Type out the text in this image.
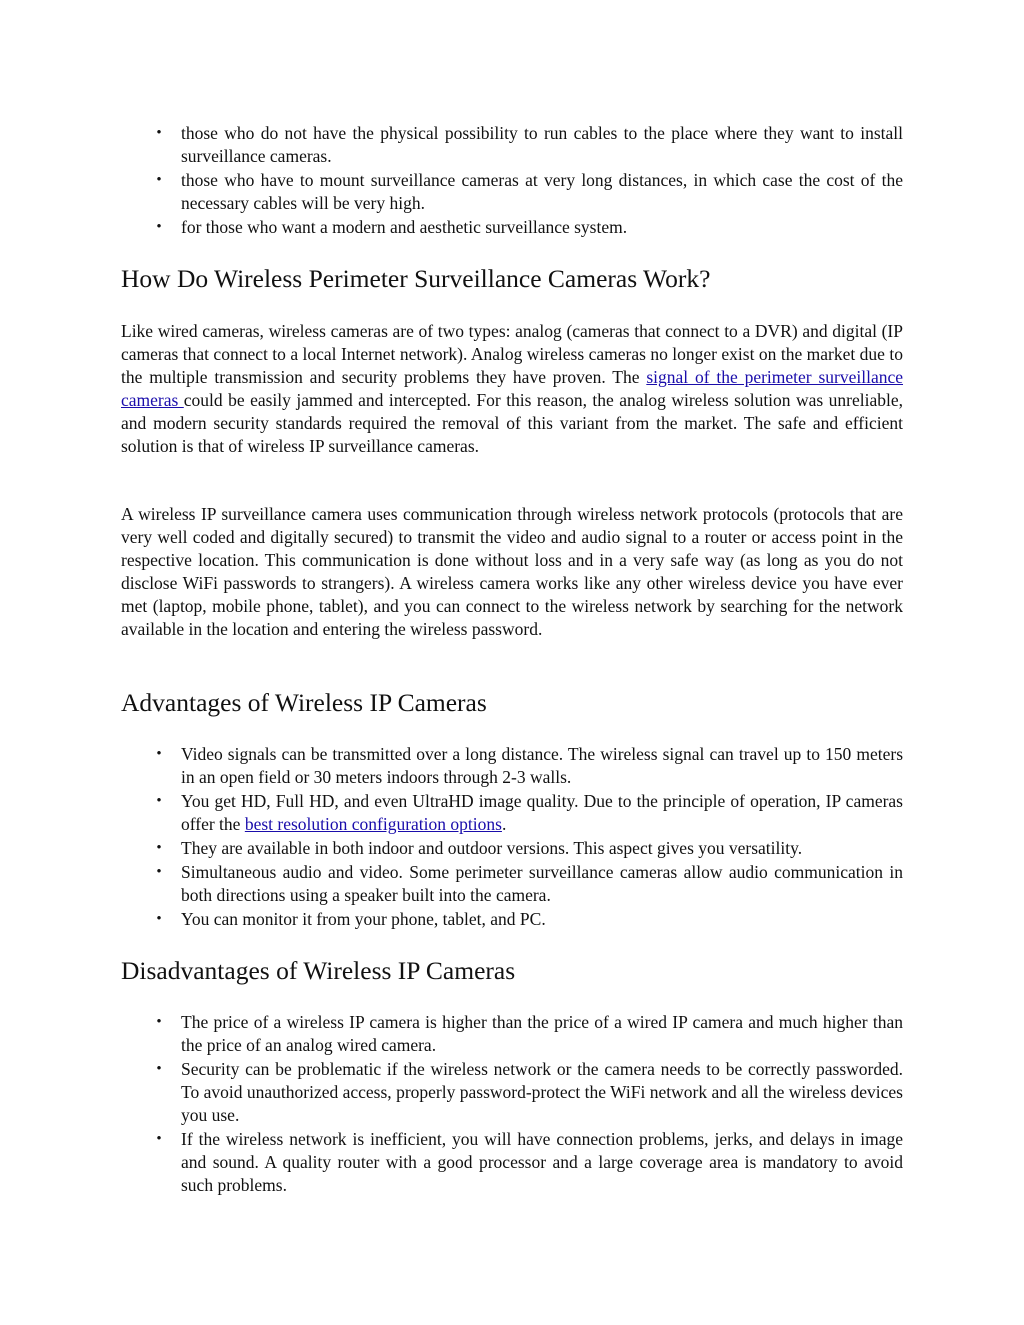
•	those who do not have the physical possibility to run cables to the place where they want to install surveillance cameras.
•	those who have to mount surveillance cameras at very long distances, in which case the cost of the necessary cables will be very high.
•	for those who want a modern and aesthetic surveillance system.
How Do Wireless Perimeter Surveillance Cameras Work?

Like wired cameras, wireless cameras are of two types: analog (cameras that connect to a DVR) and digital (IP cameras that connect to a local Internet network). Analog wireless cameras no longer exist on the market due to the multiple transmission and security problems they have proven. The signal of the perimeter surveillance cameras could be easily jammed and intercepted. For this reason, the analog wireless solution was unreliable, and modern security standards required the removal of this variant from the market. The safe and efficient solution is that of wireless IP surveillance cameras.

A wireless IP surveillance camera uses communication through wireless network protocols (protocols that are very well coded and digitally secured) to transmit the video and audio signal to a router or access point in the respective location. This communication is done without loss and in a very safe way (as long as you do not disclose WiFi passwords to strangers). A wireless camera works like any other wireless device you have ever met (laptop, mobile phone, tablet), and you can connect to the wireless network by searching for the network available in the location and entering the wireless password.

Advantages of Wireless IP Cameras
•	Video signals can be transmitted over a long distance. The wireless signal can travel up to 150 meters in an open field or 30 meters indoors through 2-3 walls.
•	You get HD, Full HD, and even UltraHD image quality. Due to the principle of operation, IP cameras offer the best resolution configuration options.
•	They are available in both indoor and outdoor versions. This aspect gives you versatility.
•	Simultaneous audio and video. Some perimeter surveillance cameras allow audio communication in both directions using a speaker built into the camera.
•	You can monitor it from your phone, tablet, and PC.
Disadvantages of Wireless IP Cameras
•	The price of a wireless IP camera is higher than the price of a wired IP camera and much higher than the price of an analog wired camera.
•	Security can be problematic if the wireless network or the camera needs to be correctly passworded. To avoid unauthorized access, properly password-protect the WiFi network and all the wireless devices you use.
•	If the wireless network is inefficient, you will have connection problems, jerks, and delays in image and sound. A quality router with a good processor and a large coverage area is mandatory to avoid such problems.
